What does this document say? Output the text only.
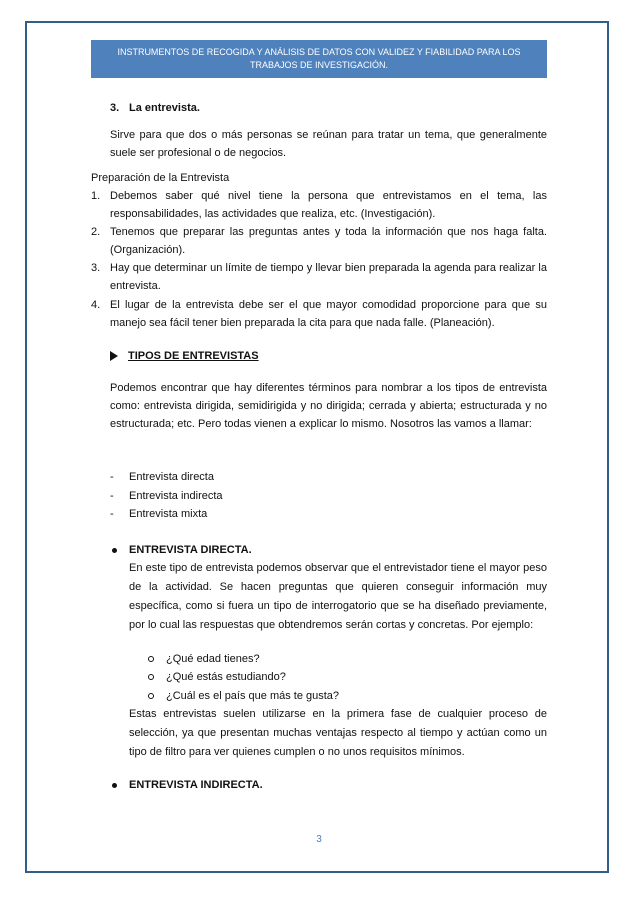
INSTRUMENTOS DE RECOGIDA Y ANÁLISIS DE DATOS CON VALIDEZ Y FIABILIDAD PARA LOS TRABAJOS DE INVESTIGACIÓN.
3. La entrevista.
Sirve para que dos o más personas se reúnan para tratar un tema, que generalmente suele ser profesional o de negocios.
Preparación de la Entrevista
1. Debemos saber qué nivel tiene la persona que entrevistamos en el tema, las responsabilidades, las actividades que realiza, etc. (Investigación).
2. Tenemos que preparar las preguntas antes y toda la información que nos haga falta. (Organización).
3. Hay que determinar un límite de tiempo y llevar bien preparada la agenda para realizar la entrevista.
4. El lugar de la entrevista debe ser el que mayor comodidad proporcione para que su manejo sea fácil tener bien preparada la cita para que nada falle. (Planeación).
TIPOS DE ENTREVISTAS
Podemos encontrar que hay diferentes términos para nombrar a los tipos de entrevista como: entrevista dirigida, semidirigida y no dirigida; cerrada y abierta; estructurada y no estructurada; etc. Pero todas vienen a explicar lo mismo. Nosotros las vamos a llamar:
- Entrevista directa
- Entrevista indirecta
- Entrevista mixta
ENTREVISTA DIRECTA.
En este tipo de entrevista podemos observar que el entrevistador tiene el mayor peso de la actividad. Se hacen preguntas que quieren conseguir información muy específica, como si fuera un tipo de interrogatorio que se ha diseñado previamente, por lo cual las respuestas que obtendremos serán cortas y concretas. Por ejemplo:
¿Qué edad tienes?
¿Qué estás estudiando?
¿Cuál es el país que más te gusta?
Estas entrevistas suelen utilizarse en la primera fase de cualquier proceso de selección, ya que presentan muchas ventajas respecto al tiempo y actúan como un tipo de filtro para ver quienes cumplen o no unos requisitos mínimos.
ENTREVISTA INDIRECTA.
3
